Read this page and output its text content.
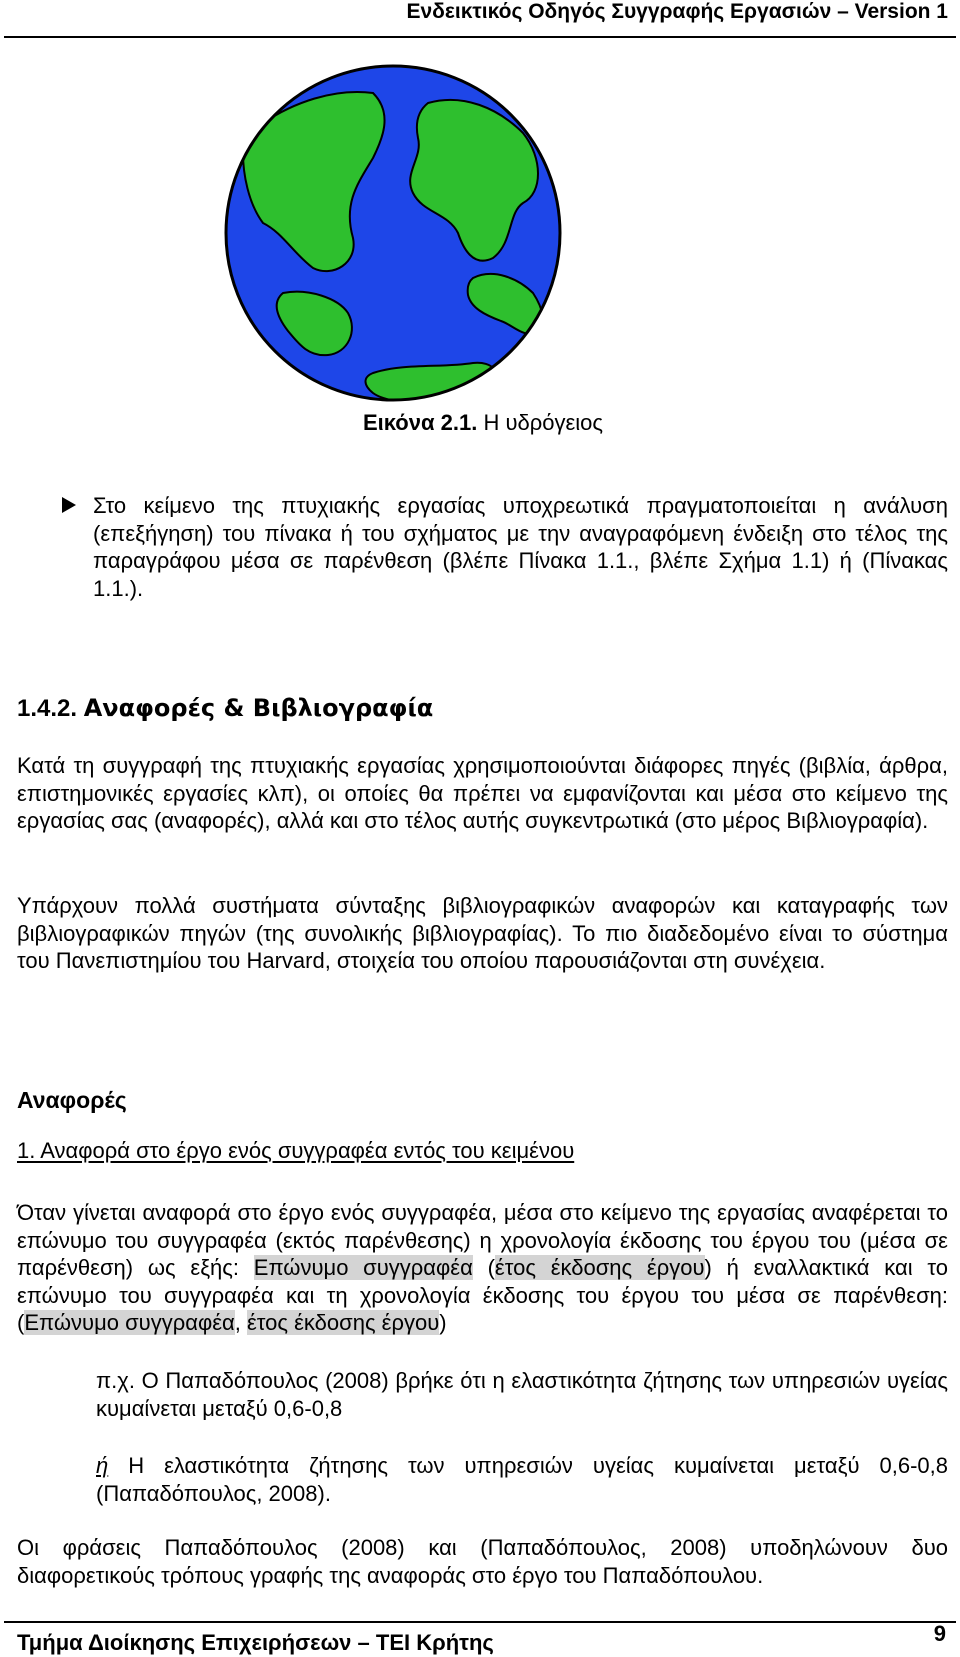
Ενδεικτικός Οδηγός Συγγραφής Εργασιών – Version 1
Εικόνα 2.1. Η υδρόγειος

Στο κείμενο της πτυχιακής εργασίας υποχρεωτικά πραγματοποιείται η ανάλυση (επεξήγηση) του πίνακα ή του σχήματος με την αναγραφόμενη ένδειξη στο τέλος της παραγράφου μέσα σε παρένθεση (βλέπε Πίνακα 1.1., βλέπε Σχήμα 1.1) ή (Πίνακας 1.1.).

1.4.2. Αναφορές & Βιβλιογραφία

Κατά τη συγγραφή της πτυχιακής εργασίας χρησιμοποιούνται διάφορες πηγές (βιβλία, άρθρα, επιστημονικές εργασίες κλπ), οι οποίες θα πρέπει να εμφανίζονται και μέσα στο κείμενο της εργασίας σας (αναφορές), αλλά και στο τέλος αυτής συγκεντρωτικά (στο μέρος Βιβλιογραφία).

Υπάρχουν πολλά συστήματα σύνταξης βιβλιογραφικών αναφορών και καταγραφής των βιβλιογραφικών πηγών (της συνολικής βιβλιογραφίας). Το πιο διαδεδομένο είναι το σύστημα του Πανεπιστημίου του Harvard, στοιχεία του οποίου παρουσιάζονται στη συνέχεια.

Αναφορές
1. Αναφορά στο έργο ενός συγγραφέα εντός του κειμένου

Όταν γίνεται αναφορά στο έργο ενός συγγραφέα, μέσα στο κείμενο της εργασίας αναφέρεται το επώνυμο του συγγραφέα (εκτός παρένθεσης) η χρονολογία έκδοσης του έργου του (μέσα σε παρένθεση) ως εξής: Επώνυμο συγγραφέα (έτος έκδοσης έργου) ή εναλλακτικά και το επώνυμο του συγγραφέα και τη χρονολογία έκδοσης του έργου του μέσα σε παρένθεση: (Επώνυμο συγγραφέα, έτος έκδοσης έργου)

π.χ. Ο Παπαδόπουλος (2008) βρήκε ότι η ελαστικότητα ζήτησης των υπηρεσιών υγείας κυμαίνεται μεταξύ 0,6-0,8

ή Η ελαστικότητα ζήτησης των υπηρεσιών υγείας κυμαίνεται μεταξύ 0,6-0,8 (Παπαδόπουλος, 2008).

Οι φράσεις Παπαδόπουλος (2008) και (Παπαδόπουλος, 2008) υποδηλώνουν δυο διαφορετικούς τρόπους γραφής της αναφοράς στο έργο του Παπαδόπουλου.

Τμήμα Διοίκησης Επιχειρήσεων – ΤΕΙ Κρήτης	9
